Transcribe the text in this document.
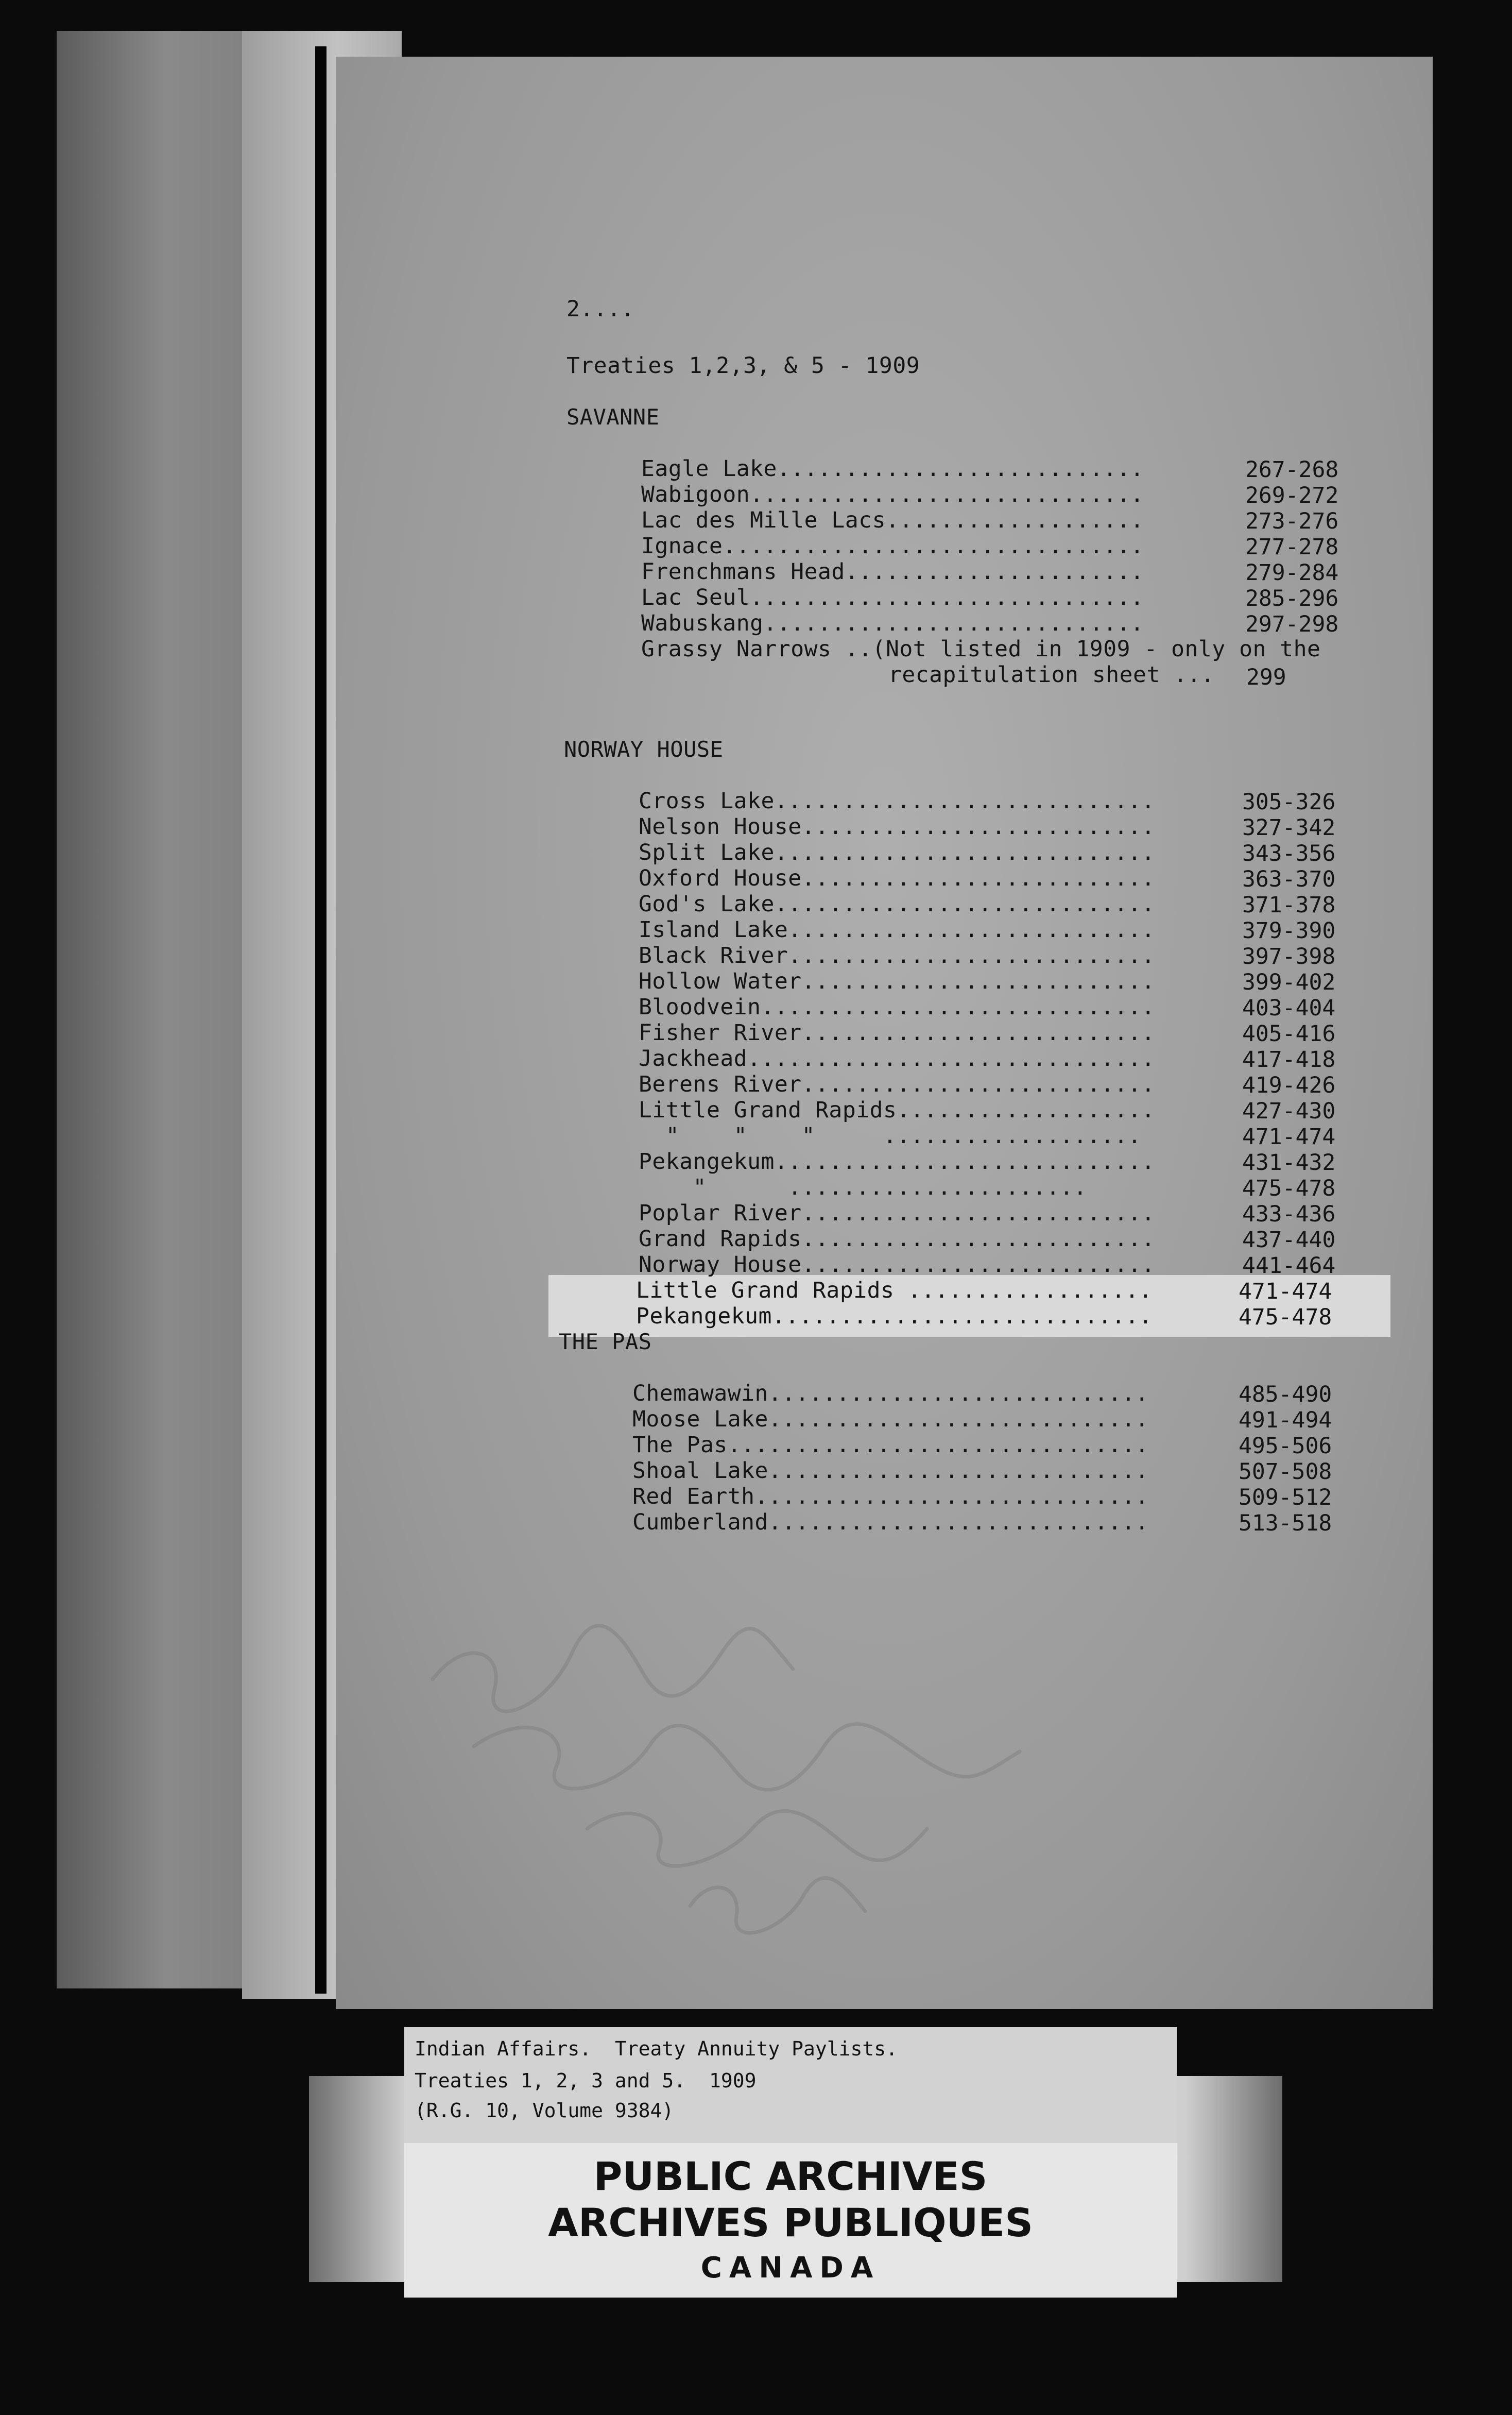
2....
Treaties 1,2,3, & 5 - 1909
SAVANNE
Eagle Lake...........................	267-268
Wabigoon.............................	269-272
Lac des Mille Lacs...................	273-276
Ignace...............................	277-278
Frenchmans Head......................	279-284
Lac Seul.............................	285-296
Wabuskang............................	297-298
Grassy Narrows ..(Not listed in 1909 - only on the
recapitulation sheet ... 299
NORWAY HOUSE
Cross Lake............................	305-326
Nelson House..........................	327-342
Split Lake............................	343-356
Oxford House..........................	363-370
God's Lake............................	371-378
Island Lake...........................	379-390
Black River...........................	397-398
Hollow Water..........................	399-402
Bloodvein.............................	403-404
Fisher River..........................	405-416
Jackhead..............................	417-418
Berens River..........................	419-426
Little Grand Rapids...................	427-430
"    "    "     ...................	471-474
Pekangekum............................	431-432
"      ......................	475-478
Poplar River..........................	433-436
Grand Rapids..........................	437-440
Norway House..........................	441-464
Little Grand Rapids ..................	471-474
Pekangekum............................	475-478
THE PAS
Chemawawin............................	485-490
Moose Lake............................	491-494
The Pas...............................	495-506
Shoal Lake............................	507-508
Red Earth.............................	509-512
Cumberland............................	513-518
Indian Affairs.  Treaty Annuity Paylists.
Treaties 1, 2, 3 and 5.  1909
(R.G. 10, Volume 9384)
PUBLIC ARCHIVES
ARCHIVES PUBLIQUES
CANADA
